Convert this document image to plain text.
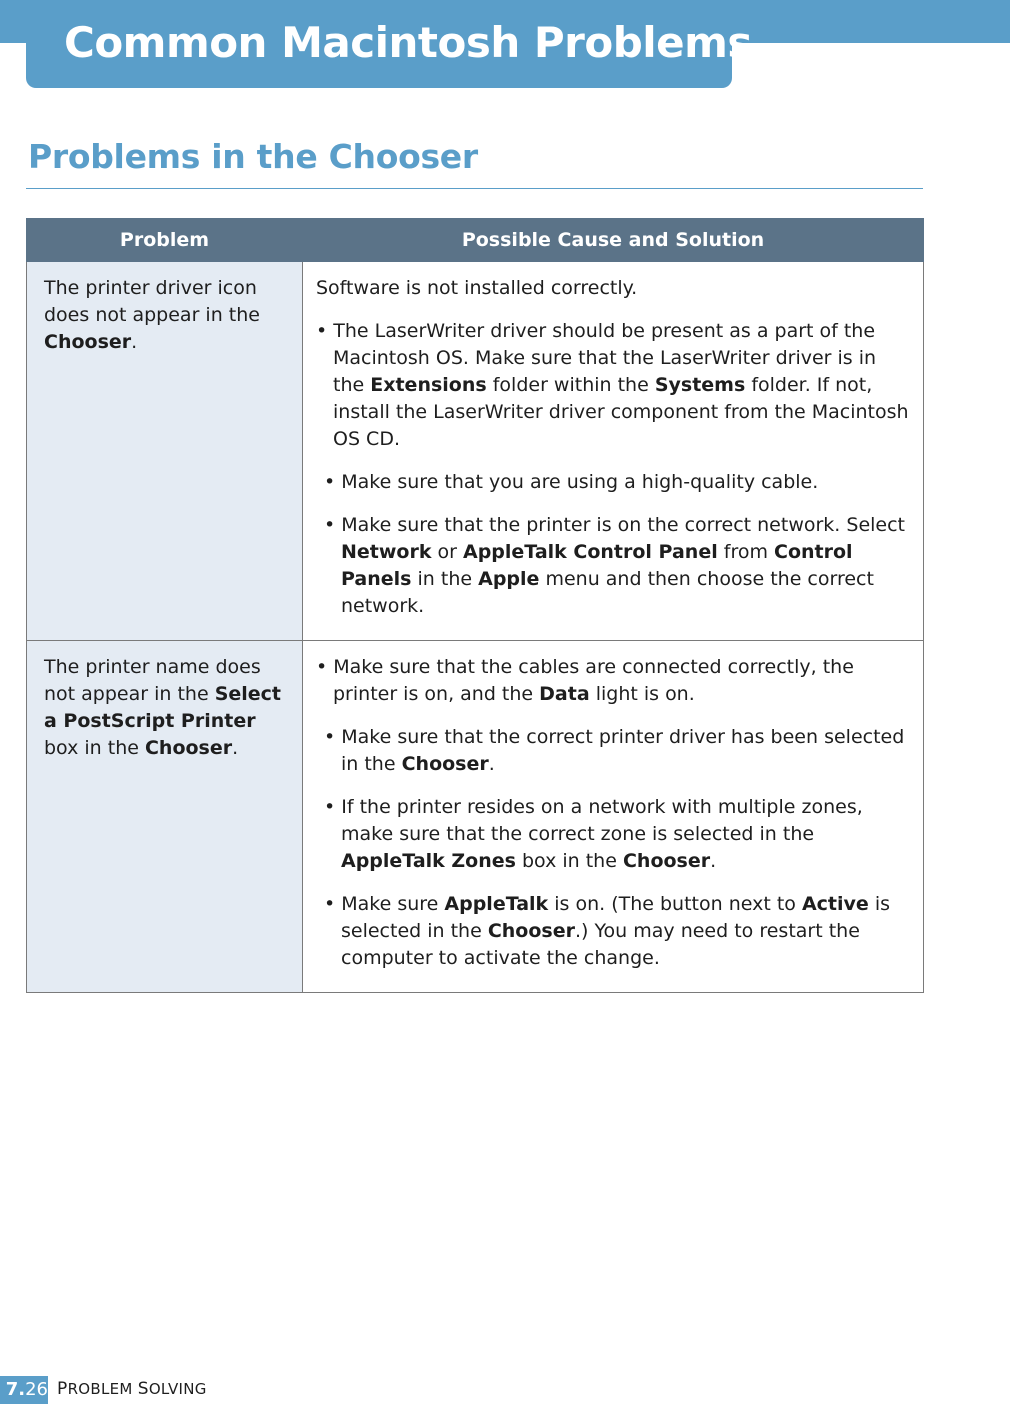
Common Macintosh Problems
Problems in the Chooser
Problem	Possible Cause and Solution
The printer driver icon does not appear in the Chooser.	Software is not installed correctly.
• The LaserWriter driver should be present as a part of the Macintosh OS. Make sure that the LaserWriter driver is in the Extensions folder within the Systems folder. If not, install the LaserWriter driver component from the Macintosh OS CD.
• Make sure that you are using a high-quality cable.
• Make sure that the printer is on the correct network. Select Network or AppleTalk Control Panel from Control Panels in the Apple menu and then choose the correct network.

The printer name does not appear in the Select a PostScript Printer box in the Chooser.	• Make sure that the cables are connected correctly, the printer is on, and the Data light is on.
• Make sure that the correct printer driver has been selected in the Chooser.
• If the printer resides on a network with multiple zones, make sure that the correct zone is selected in the AppleTalk Zones box in the Chooser.
• Make sure AppleTalk is on. (The button next to Active is selected in the Chooser.) You may need to restart the computer to activate the change.
7.26 PROBLEM SOLVING
